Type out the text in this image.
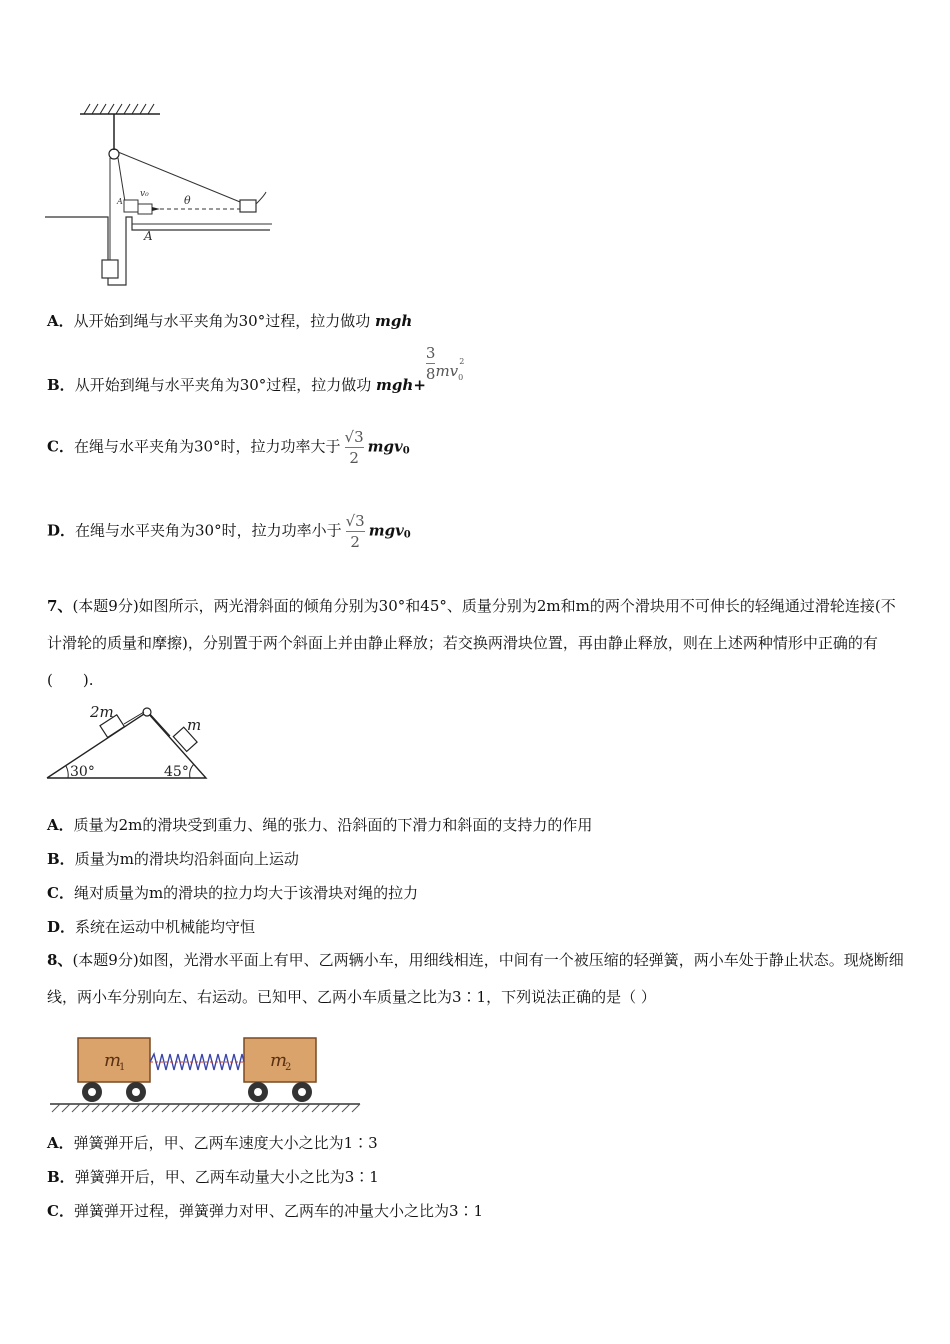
v₀	θ
A
A
A．从开始到绳与水平夹角为30°过程，拉力做功 mgh
B．从开始到绳与水平夹角为30°过程，拉力做功 mgh+
$\frac{3}{8} mv_0^2$
C．在绳与水平夹角为30°时，拉力功率大于 $\frac{√3}{2} mgv_0$
D．在绳与水平夹角为30°时，拉力功率小于 $\frac{√3}{2} mgv_0$
7、(本题9分)如图所示，两光滑斜面的倾角分别为30°和45°、质量分别为2m和m的两个滑块用不可伸长的轻绳通过滑轮连接(不计滑轮的质量和摩擦)，分别置于两个斜面上并由静止释放；若交换两滑块位置，再由静止释放，则在上述两种情形中正确的有　(　　).
2m
m
30°	45°
A．质量为2m的滑块受到重力、绳的张力、沿斜面的下滑力和斜面的支持力的作用
B．质量为m的滑块均沿斜面向上运动
C．绳对质量为m的滑块的拉力均大于该滑块对绳的拉力
D．系统在运动中机械能均守恒
8、(本题9分)如图，光滑水平面上有甲、乙两辆小车，用细线相连，中间有一个被压缩的轻弹簧，两小车处于静止状态。现烧断细线，两小车分别向左、右运动。已知甲、乙两小车质量之比为3∶1，下列说法正确的是（ ）
m
1	m
2
A．弹簧弹开后，甲、乙两车速度大小之比为1∶3
B．弹簧弹开后，甲、乙两车动量大小之比为3∶1
C．弹簧弹开过程，弹簧弹力对甲、乙两车的冲量大小之比为3∶1
